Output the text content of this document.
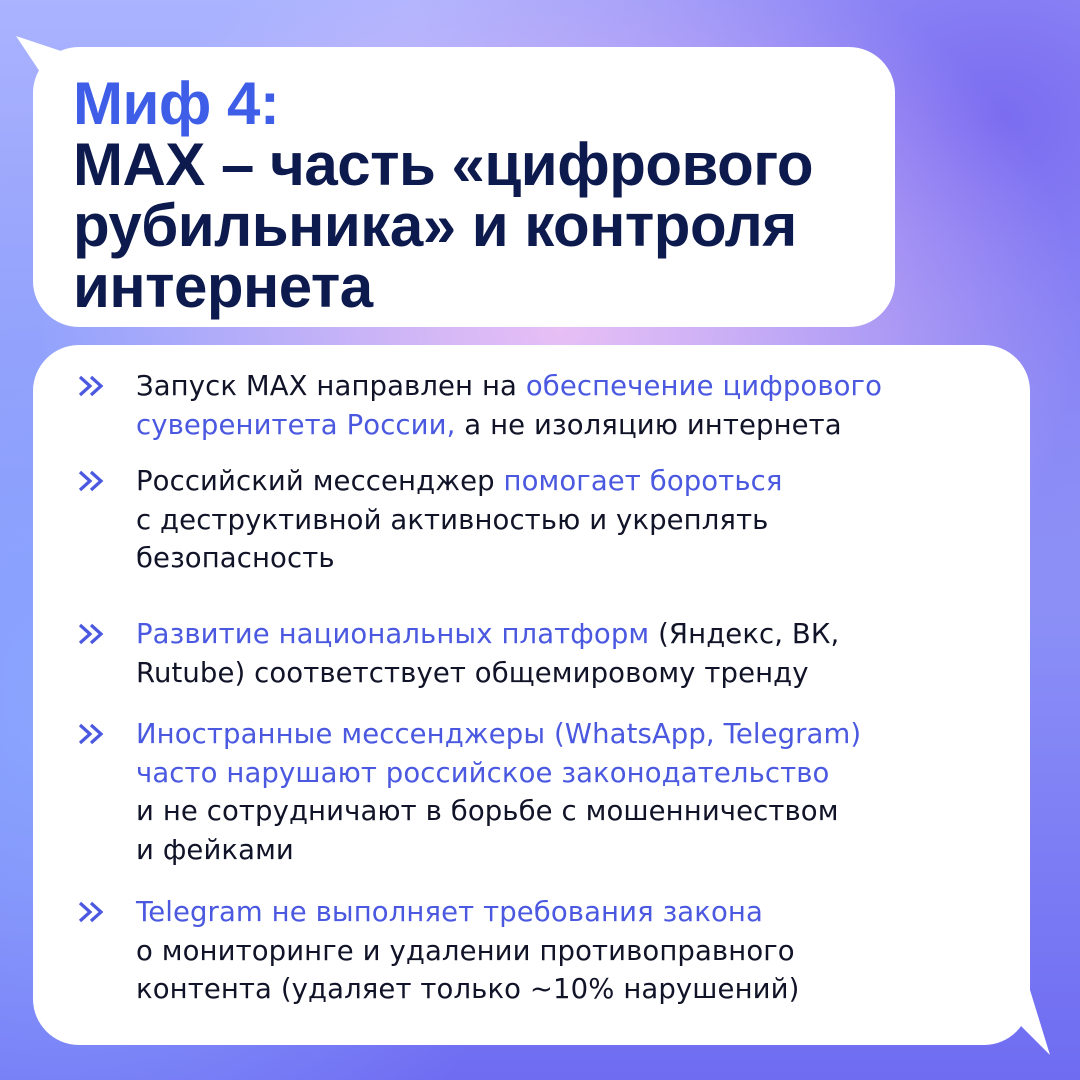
Миф 4:
MAX – часть «цифрового
рубильника» и контроля
интернета

Запуск MAX направлен на обеспечение цифрового
суверенитета России, а не изоляцию интернета

Российский мессенджер помогает бороться
с деструктивной активностью и укреплять
безопасность

Развитие национальных платформ (Яндекс, ВК,
Rutube) соответствует общемировому тренду

Иностранные мессенджеры (WhatsApp, Telegram)
часто нарушают российское законодательство
и не сотрудничают в борьбе с мошенничеством
и фейками

Telegram не выполняет требования закона
о мониторинге и удалении противоправного
контента (удаляет только ~10% нарушений)
